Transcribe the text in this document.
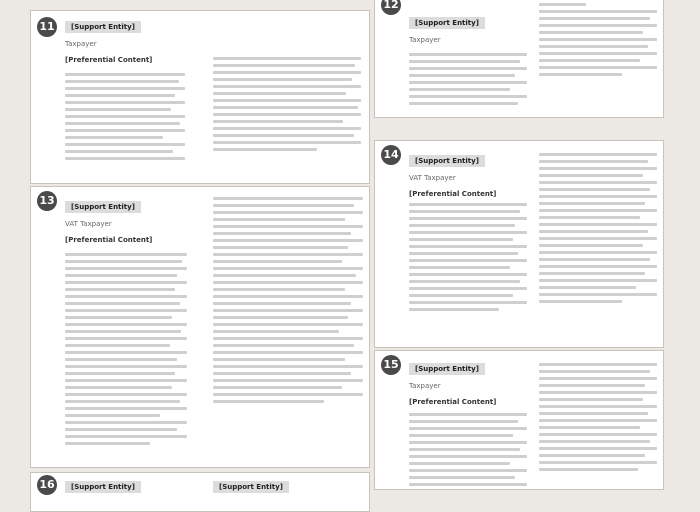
11	[Support Entity]
Taxpayer
[Preferential Content]
12
[Support Entity]
Taxpayer
13	[Support Entity]
VAT Taxpayer
[Preferential Content]
14	[Support Entity]
VAT Taxpayer
[Preferential Content]
15	[Support Entity]
Taxpayer
[Preferential Content]
16	[Support Entity]	[Support Entity]
